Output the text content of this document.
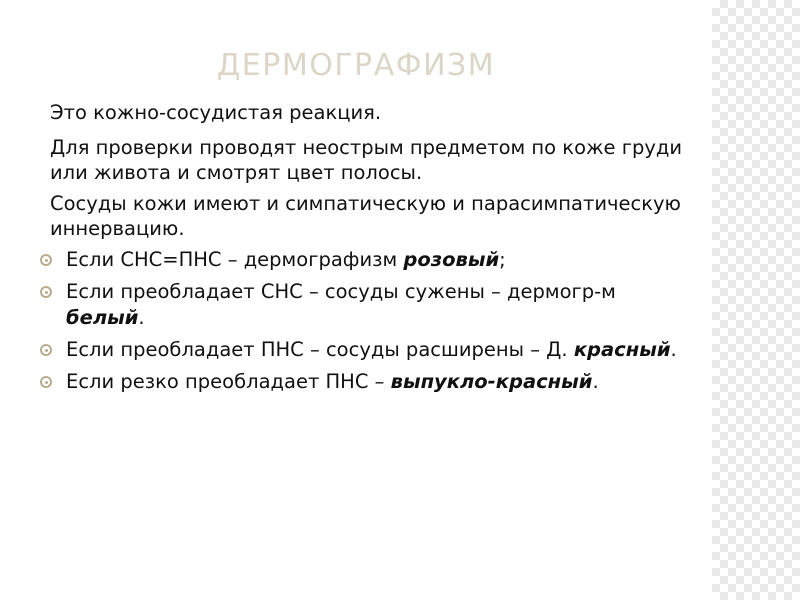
ДЕРМОГРАФИЗМ

Это кожно-сосудистая реакция.

Для проверки проводят неострым предметом по коже груди или живота и смотрят цвет полосы.

Сосуды кожи имеют и симпатическую и парасимпатическую иннервацию.

Если СНС=ПНС – дермографизм розовый;
Если преобладает СНС – сосуды сужены – дермогр-м белый.
Если преобладает ПНС – сосуды расширены – Д. красный.
Если резко преобладает ПНС – выпукло-красный.
